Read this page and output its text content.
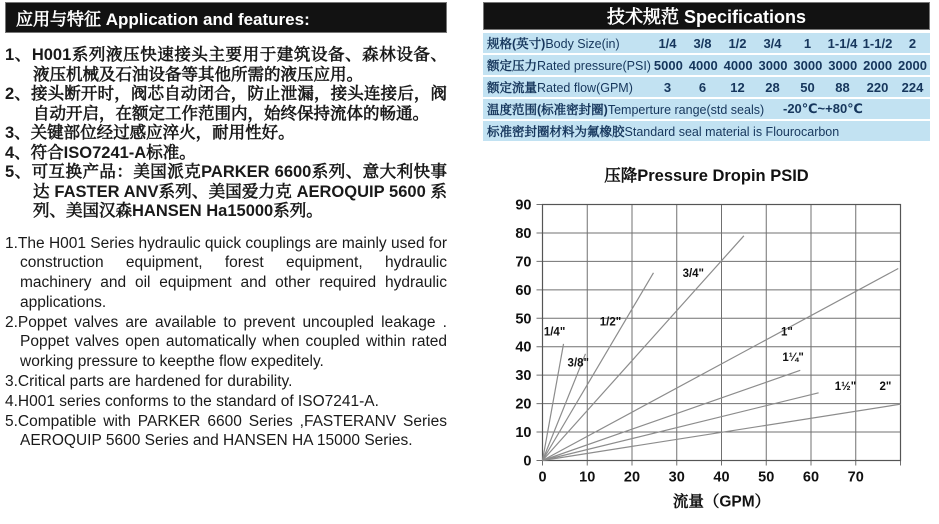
应用与特征 Application and features:
1、H001系列液压快速接头主要用于建筑设备、森林设备、液压机械及石油设备等其他所需的液压应用。
2、接头断开时，阀芯自动闭合，防止泄漏，接头连接后，阀自动开启，在额定工作范围内，始终保持流体的畅通。
3、关键部位经过感应淬火，耐用性好。
4、符合ISO7241-A标准。
5、可互换产品：美国派克PARKER 6600系列、意大利快事达 FASTER ANV系列、美国爱力克 AEROQUIP 5600 系列、美国汉森HANSEN Ha15000系列。
1.The H001 Series hydraulic quick couplings are mainly used for construction equipment, forest equipment, hydraulic machinery and oil equipment and other required hydraulic applications.
2.Poppet valves are available to prevent uncoupled leakage . Poppet valves open automatically when coupled within rated working pressure to keepthe flow expeditely.
3.Critical parts are hardened for durability.
4.H001 series conforms to the standard of ISO7241-A.
5.Compatible with PARKER 6600 Series ,FASTERANV Series AEROQUIP 5600 Series and HANSEN HA 15000 Series.
技术规范 Specifications
规格(英寸)Body Size(in)	1/4	3/8	1/2	3/4	1	1-1/4 1-1/2	2
额定压力Rated pressure(PSI) 5000 4000 4000 3000 3000 3000 2000 2000
额定流量Rated flow(GPM)	3	6	12	28	50	88	220	224
温度范围(标准密封圈)Temperture range(std seals) -20℃~+80℃
标准密封圈材料为氟橡胶Standard seal material is Flourocarbon
压降Pressure Dropin PSID
0
10
20
30
40
50
60
70
80
90
0 10 20 30 40 50 60 70
1/4"
3/8"
1/2"
3/4"
1"
1¼"
1½" 2"
流量（GPM）
